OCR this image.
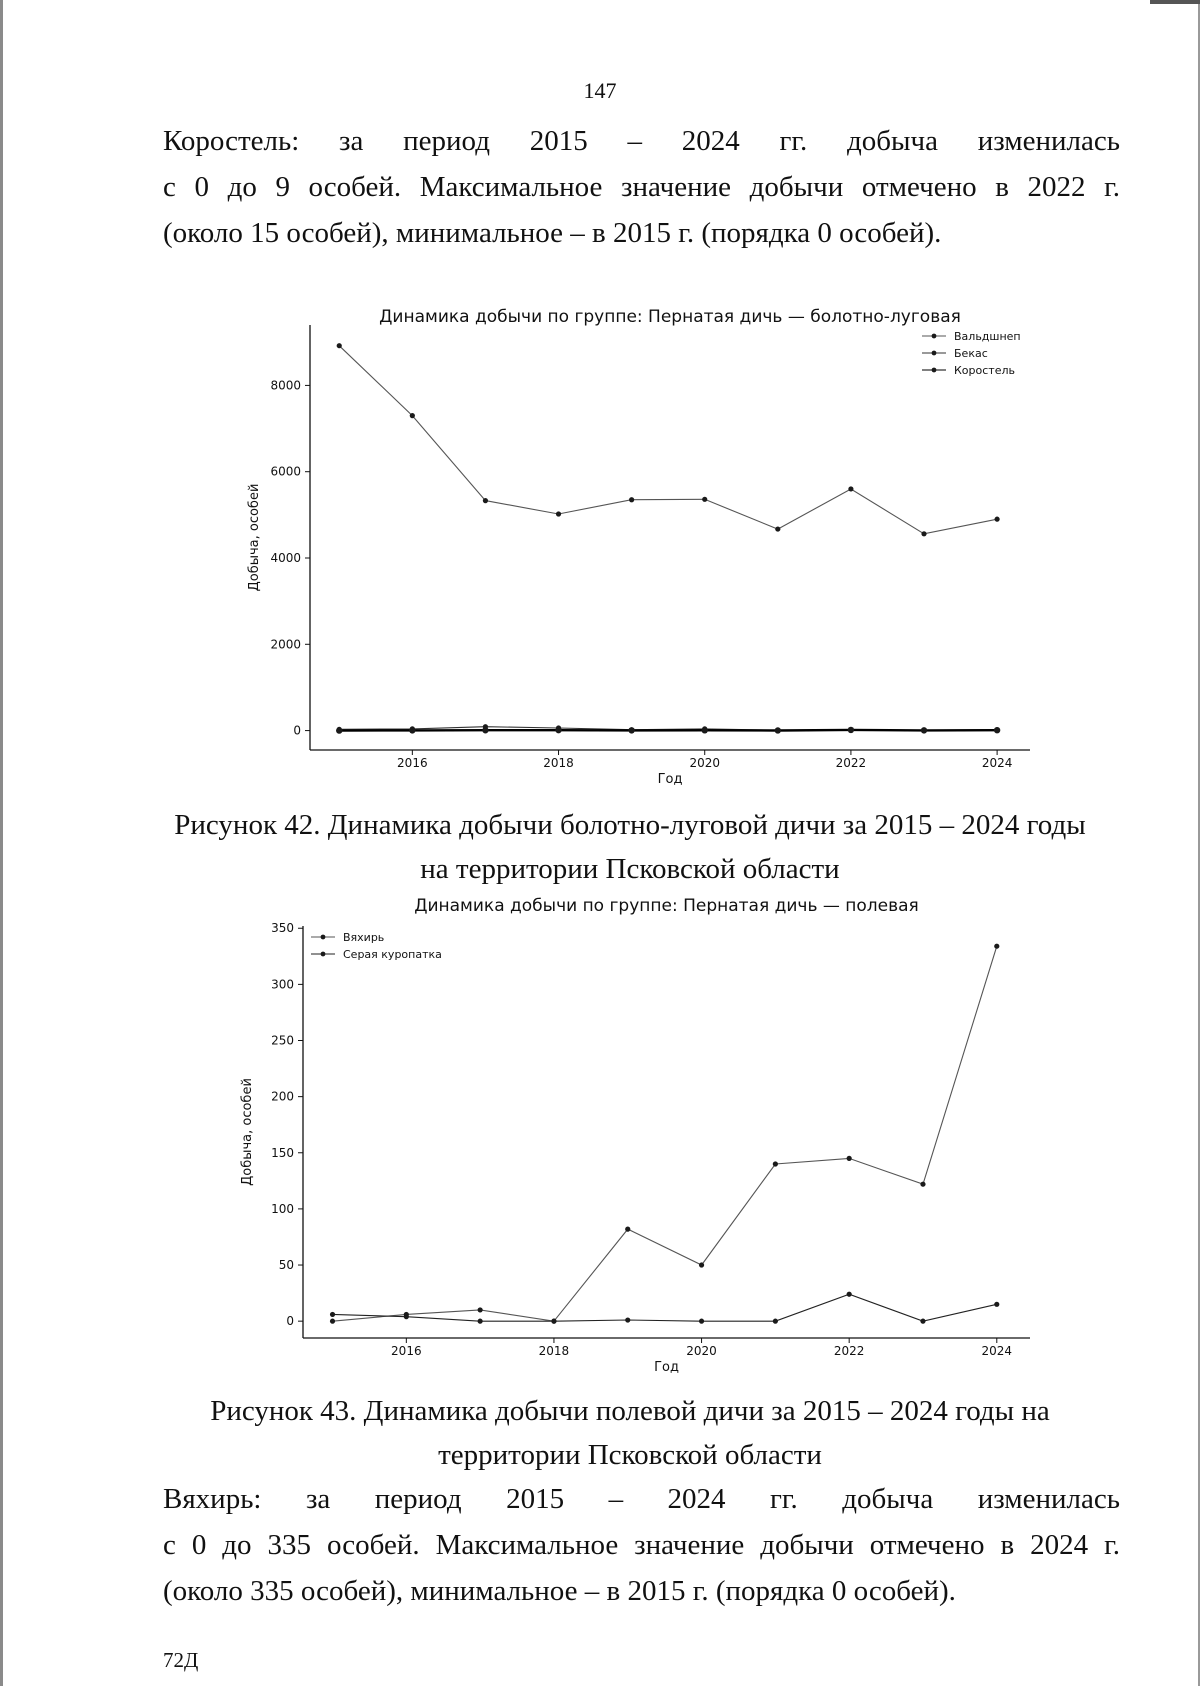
147
Коростель: за период 2015 – 2024 гг. добыча изменилась
с 0 до 9 особей. Максимальное значение добычи отмечено в 2022 г.
(около 15 особей), минимальное – в 2015 г. (порядка 0 особей).
Динамика добычи по группе: Пернатая дичь — болотно-луговая
2016	2018	2020	2022	2024
0
2000
4000
6000
8000
Год
Добыча, особей
Вальдшнеп
Бекас
Коростель
Рисунок 42. Динамика добычи болотно-луговой дичи за 2015 – 2024 годы
на территории Псковской области
Динамика добычи по группе: Пернатая дичь — полевая
2016	2018	2020	2022	2024
0
50
100
150
200
250
300
350
Год
Добыча, особей
Вяхирь
Серая куропатка
Рисунок 43. Динамика добычи полевой дичи за 2015 – 2024 годы на
территории Псковской области
Вяхирь: за период 2015 – 2024 гг. добыча изменилась
с 0 до 335 особей. Максимальное значение добычи отмечено в 2024 г.
(около 335 особей), минимальное – в 2015 г. (порядка 0 особей).
72Д
